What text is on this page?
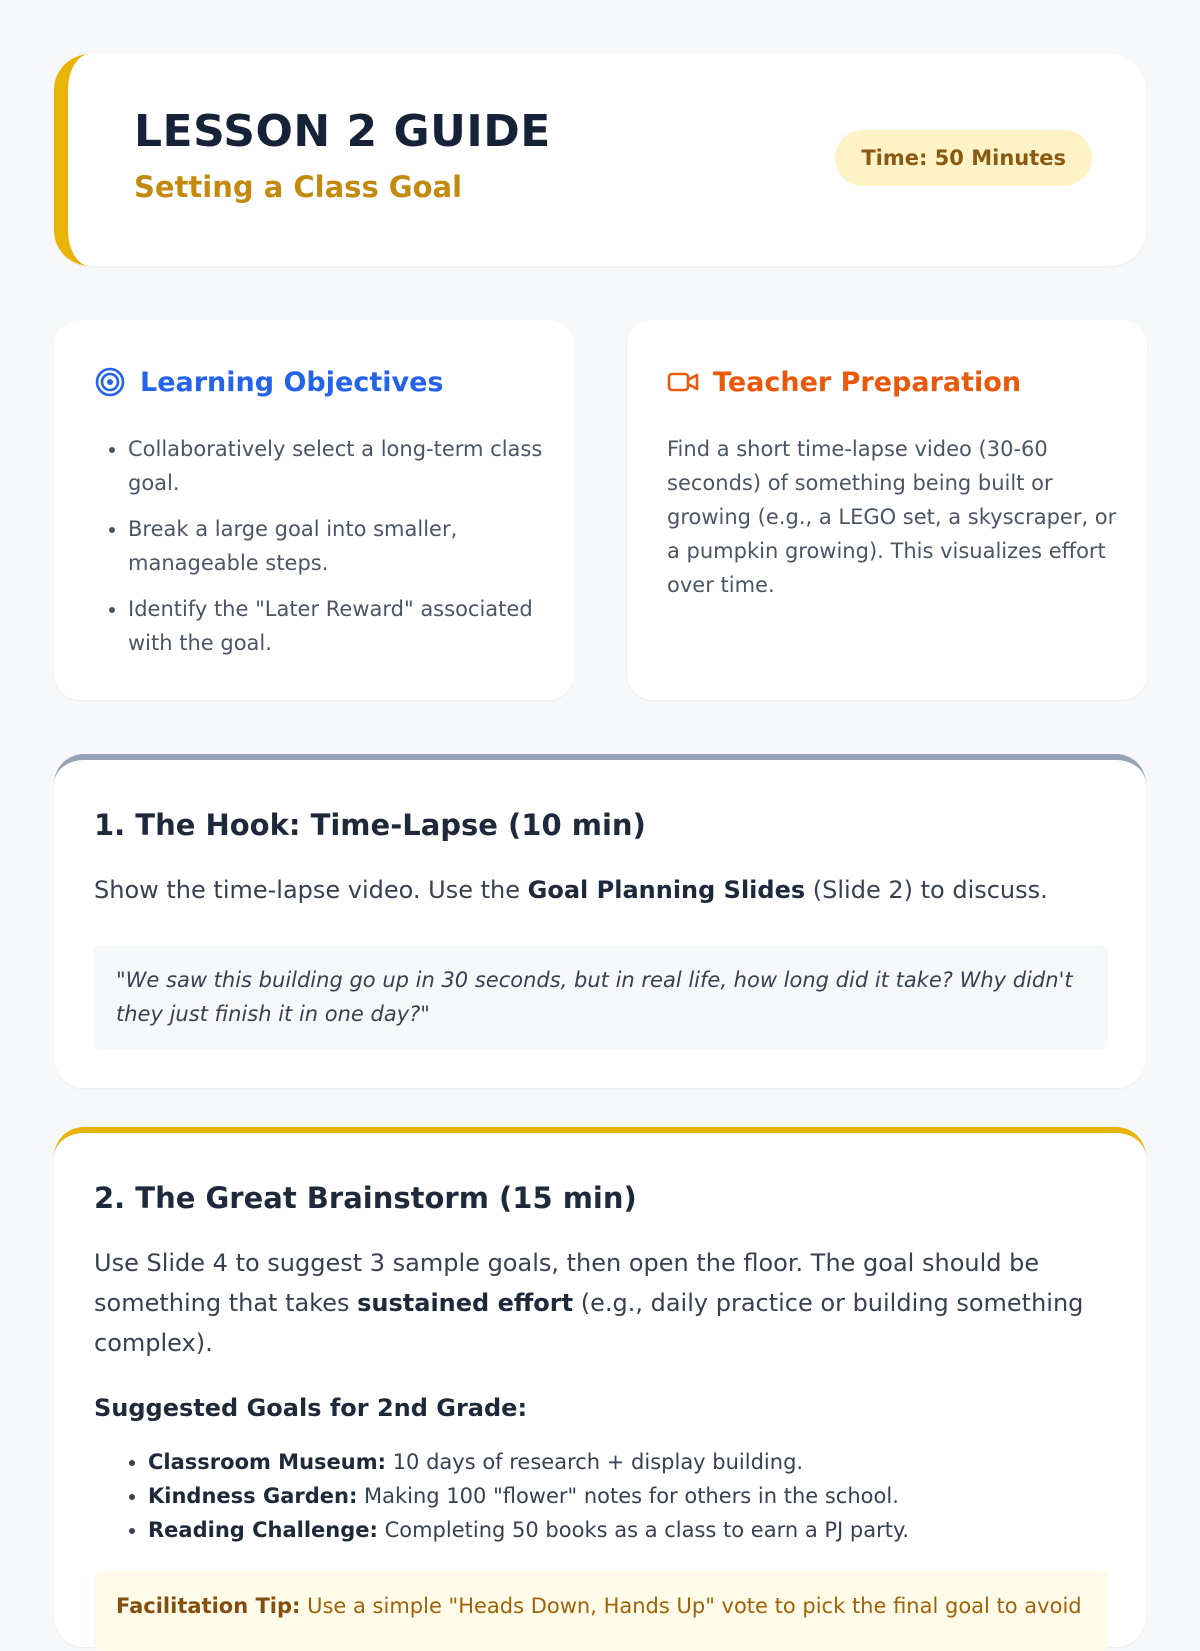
LESSON 2 GUIDE
Setting a Class Goal
Time: 50 Minutes
Learning Objectives
• Collaboratively select a long-term class goal.
• Break a large goal into smaller, manageable steps.
• Identify the "Later Reward" associated with the goal.
Teacher Preparation
Find a short time-lapse video (30-60 seconds) of something being built or growing (e.g., a LEGO set, a skyscraper, or a pumpkin growing). This visualizes effort over time.
1. The Hook: Time-Lapse (10 min)
Show the time-lapse video. Use the Goal Planning Slides (Slide 2) to discuss.
"We saw this building go up in 30 seconds, but in real life, how long did it take? Why didn't they just finish it in one day?"
2. The Great Brainstorm (15 min)
Use Slide 4 to suggest 3 sample goals, then open the floor. The goal should be something that takes sustained effort (e.g., daily practice or building something complex).
Suggested Goals for 2nd Grade:
• Classroom Museum: 10 days of research + display building.
• Kindness Garden: Making 100 "flower" notes for others in the school.
• Reading Challenge: Completing 50 books as a class to earn a PJ party.
Facilitation Tip: Use a simple "Heads Down, Hands Up" vote to pick the final goal to avoid
